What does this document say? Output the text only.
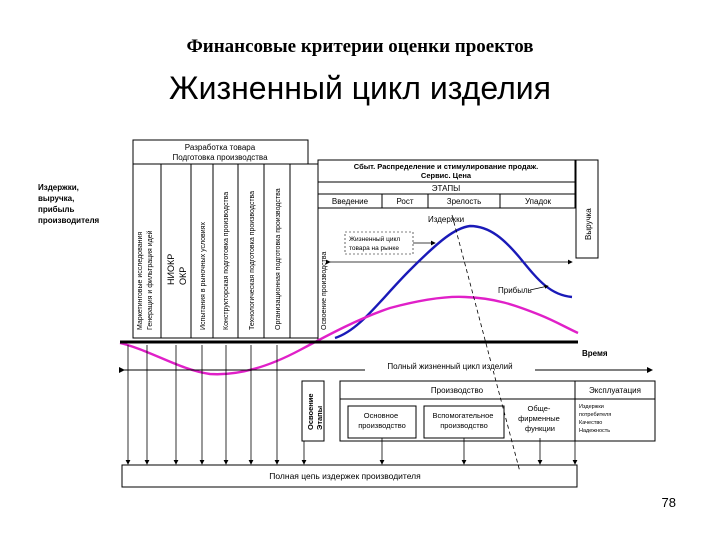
Финансовые критерии оценки проектов
Жизненный цикл изделия
Издержки, выручка, прибыль производителя
Разработка товара
Подготовка производства
Маркетинговые исследования Генерация и фильтрация идей НИОКР ОКР Испытания в рыночных условиях Конструкторская подготовка производства	Технологическая подготовка производства	Организационная подготовка производства	Освоение производства
Сбыт. Распределение и стимулирование продаж.
Сервис. Цена
ЭТАПЫ
Введение	Рост	Зрелость	Упадок
Выручка
Жизненный цикл товара на рынке
Издержки
Прибыль
Время
Полный жизненный цикл изделий
Освоение Этапы
Производство	Эксплуатация
Основное производство
Вспомогательное производство
Обще- фирменные функции
Издержки потребителя Качество Надежность
Полная цепь издержек производителя
78
